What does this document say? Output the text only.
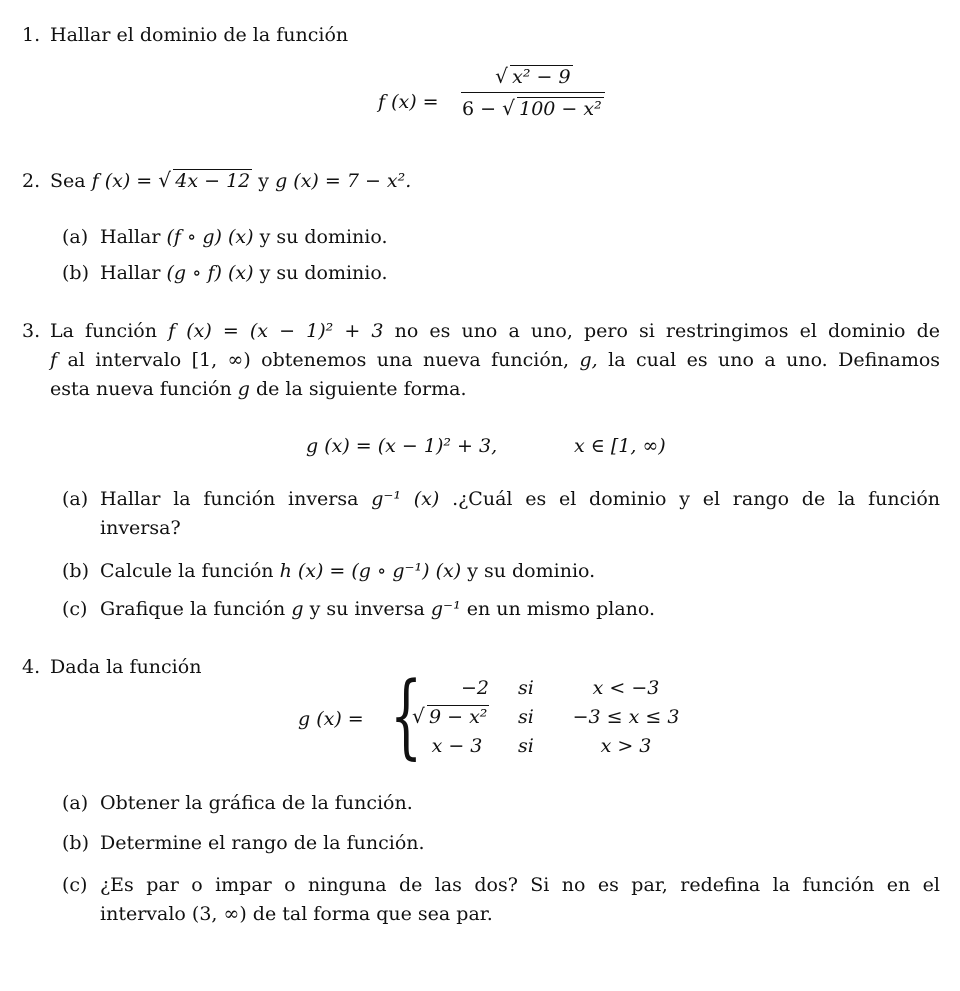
1. Hallar el dominio de la función
f (x) = √ $\frac{\text{x² − 9}}{\text{6 − √ 100 − x²}}$
2. Sea f (x) = √ 4x − 12 y g (x) = 7 − x².
(a) Hallar (f ∘ g) (x) y su dominio.
(b) Hallar (g ∘ f) (x) y su dominio.
3. La función f (x) = (x − 1)² + 3 no es uno a uno, pero si restringimos el dominio de
f al intervalo [1, ∞) obtenemos una nueva función, g, la cual es uno a uno. Definamos
esta nueva función g de la siguiente forma.
g (x) = (x − 1)² + 3,	x ∈ [1, ∞)
(a) Hallar la función inversa g⁻¹ (x) .¿Cuál es el dominio y el rango de la función
inversa?
(b) Calcule la función h (x) = (g ∘ g⁻¹) (x) y su dominio.
(c) Grafique la función g y su inversa g⁻¹ en un mismo plano.
4. Dada la función
g (x) = {	−2	si	x < −3
√ 9 − x² si	−3 ≤ x ≤ 3
x − 3	si	x > 3
(a) Obtener la gráfica de la función.
(b) Determine el rango de la función.
(c) ¿Es par o impar o ninguna de las dos? Si no es par, redefina la función en el
intervalo (3, ∞) de tal forma que sea par.
